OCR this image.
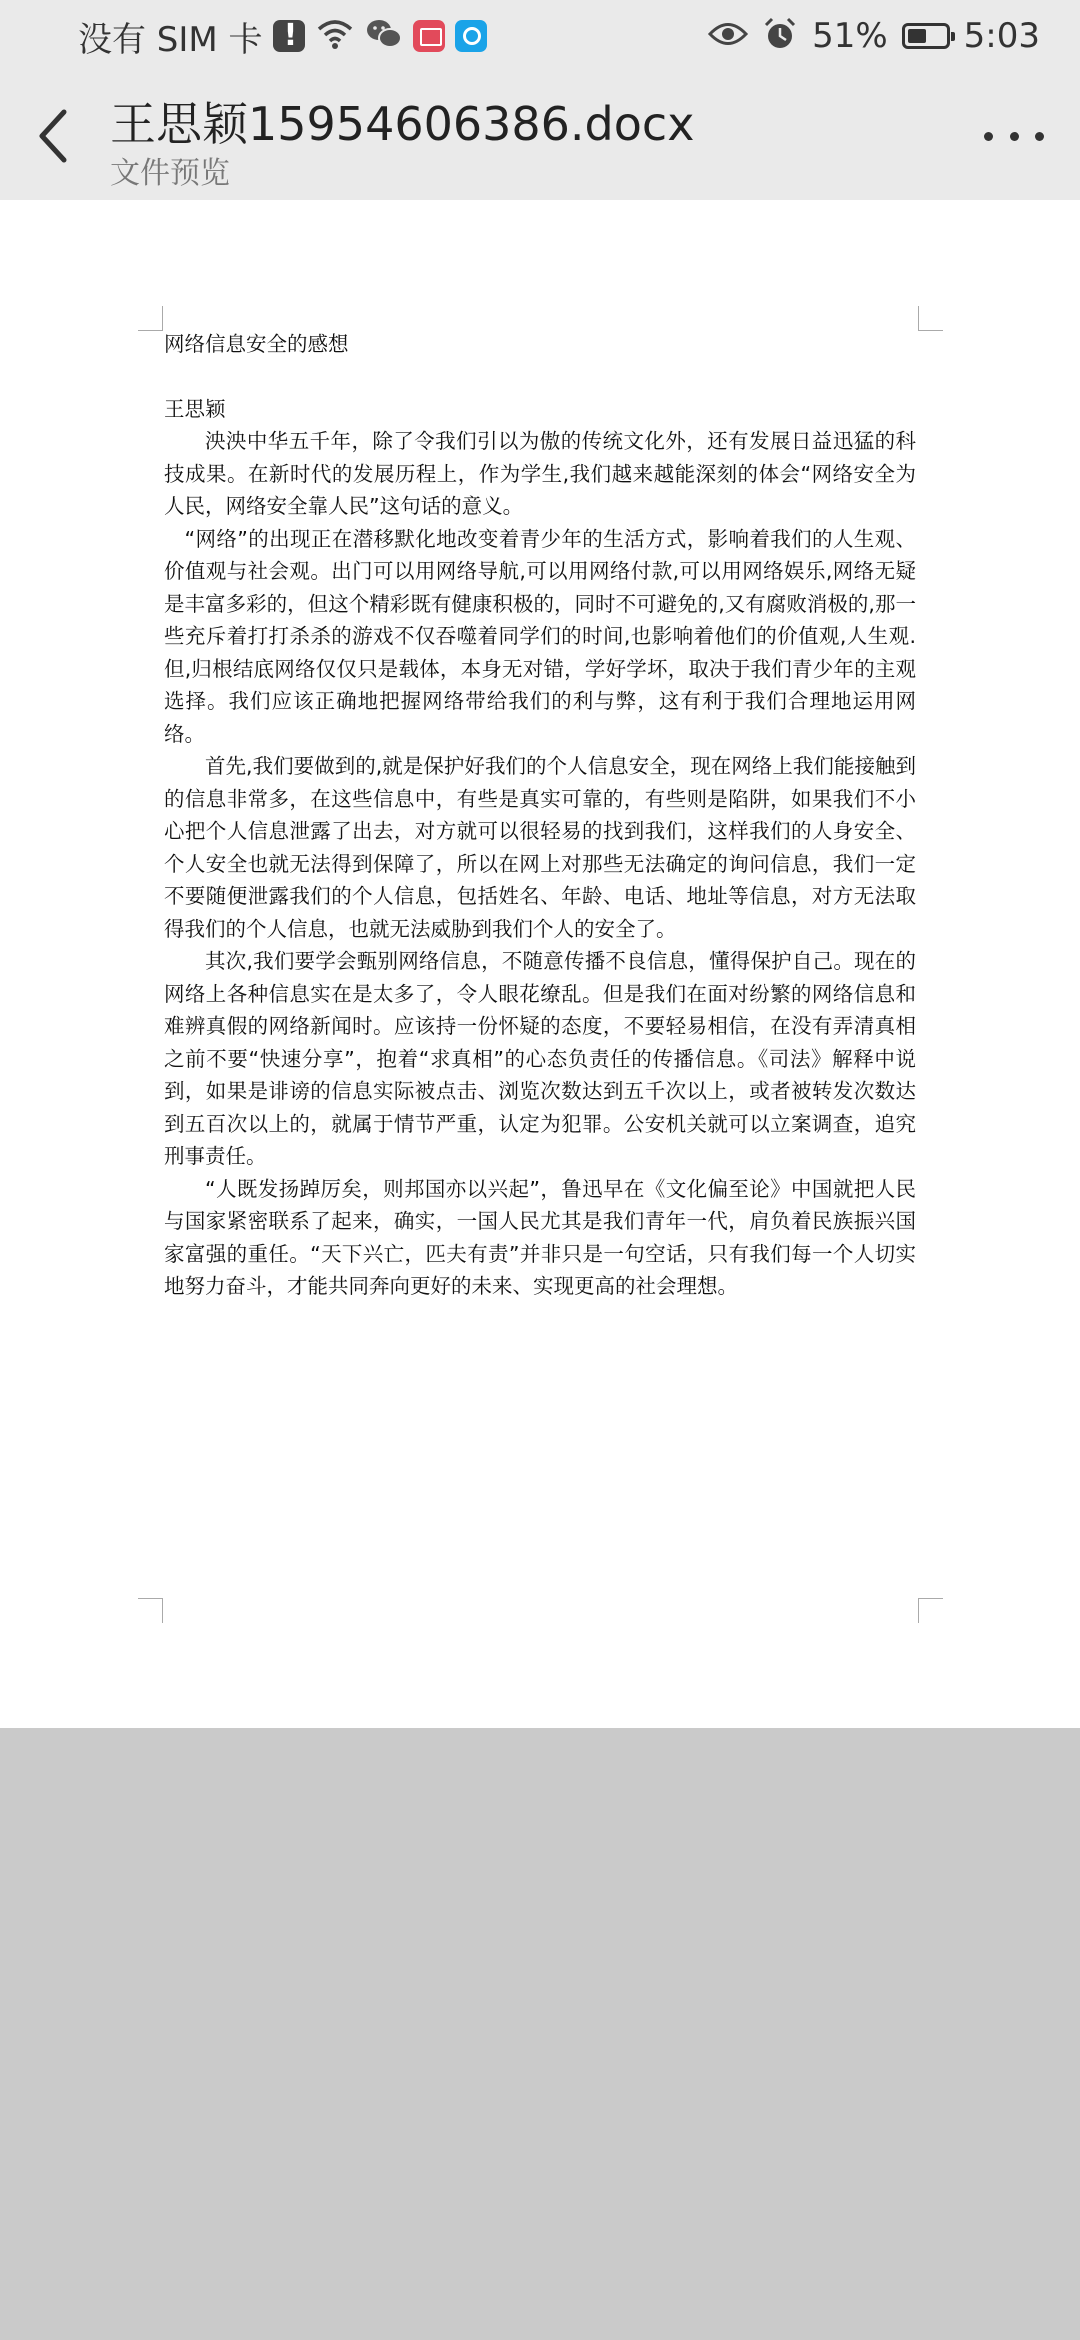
没有 SIM 卡
!	51% 5:03
王思颖15954606386.docx
文件预览

网络信息安全的感想

王思颖

泱泱中华五千年，除了令我们引以为傲的传统文化外，还有发展日益迅猛的科技成果。在新时代的发展历程上，作为学生,我们越来越能深刻的体会“网络安全为人民，网络安全靠人民”这句话的意义。

“网络”的出现正在潜移默化地改变着青少年的生活方式，影响着我们的人生观、价值观与社会观。出门可以用网络导航,可以用网络付款,可以用网络娱乐,网络无疑是丰富多彩的，但这个精彩既有健康积极的，同时不可避免的,又有腐败消极的,那一些充斥着打打杀杀的游戏不仅吞噬着同学们的时间,也影响着他们的价值观,人生观.但,归根结底网络仅仅只是载体，本身无对错，学好学坏，取决于我们青少年的主观选择。我们应该正确地把握网络带给我们的利与弊，这有利于我们合理地运用网络。

首先,我们要做到的,就是保护好我们的个人信息安全，现在网络上我们能接触到的信息非常多，在这些信息中，有些是真实可靠的，有些则是陷阱，如果我们不小心把个人信息泄露了出去，对方就可以很轻易的找到我们，这样我们的人身安全、个人安全也就无法得到保障了，所以在网上对那些无法确定的询问信息，我们一定不要随便泄露我们的个人信息，包括姓名、年龄、电话、地址等信息，对方无法取得我们的个人信息，也就无法威胁到我们个人的安全了。

其次,我们要学会甄别网络信息，不随意传播不良信息，懂得保护自己。现在的网络上各种信息实在是太多了，令人眼花缭乱。但是我们在面对纷繁的网络信息和难辨真假的网络新闻时。应该持一份怀疑的态度，不要轻易相信，在没有弄清真相之前不要“快速分享”，抱着“求真相”的心态负责任的传播信息。《司法》解释中说到，如果是诽谤的信息实际被点击、浏览次数达到五千次以上，或者被转发次数达到五百次以上的，就属于情节严重，认定为犯罪。公安机关就可以立案调查，追究刑事责任。

“人既发扬踔厉矣，则邦国亦以兴起”，鲁迅早在《文化偏至论》中国就把人民与国家紧密联系了起来，确实，一国人民尤其是我们青年一代，肩负着民族振兴国家富强的重任。“天下兴亡，匹夫有责”并非只是一句空话，只有我们每一个人切实地努力奋斗，才能共同奔向更好的未来、实现更高的社会理想。
